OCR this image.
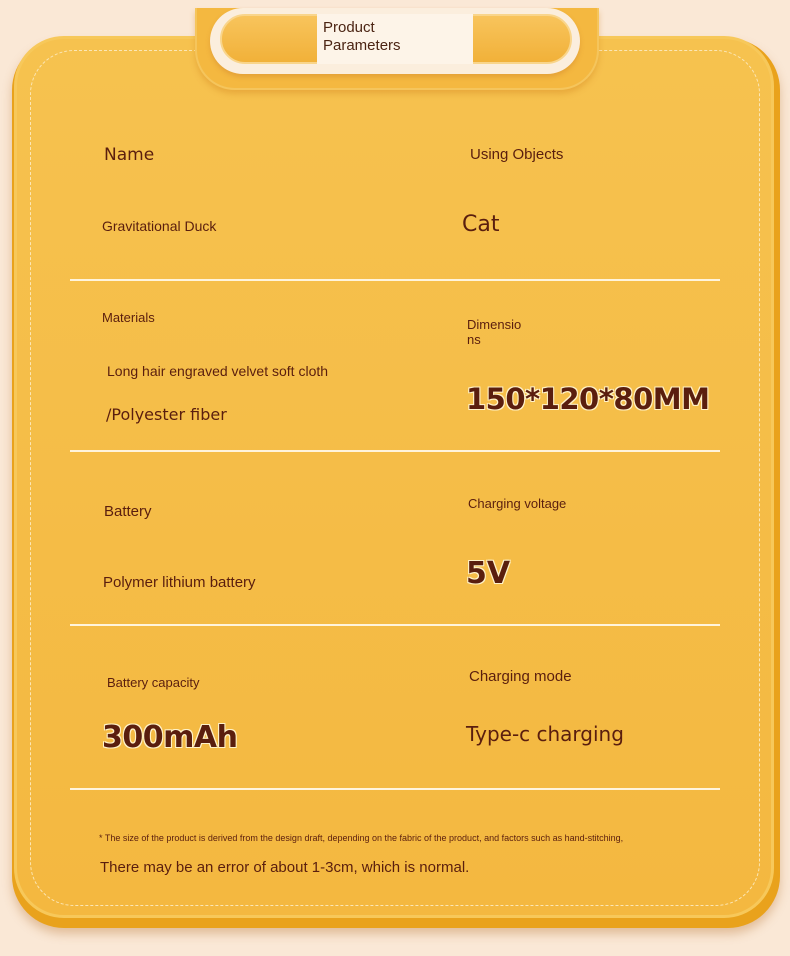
Product Parameters
Name	Using Objects
Gravitational Duck	Cat
Materials	Dimensions
Long hair engraved velvet soft cloth
/Polyester fiber	150*120*80MM
Battery	Charging voltage
Polymer lithium battery	5V
Battery capacity	Charging mode
300mAh	Type-c charging
* The size of the product is derived from the design draft, depending on the fabric of the product, and factors such as hand-stitching,
There may be an error of about 1-3cm, which is normal.
